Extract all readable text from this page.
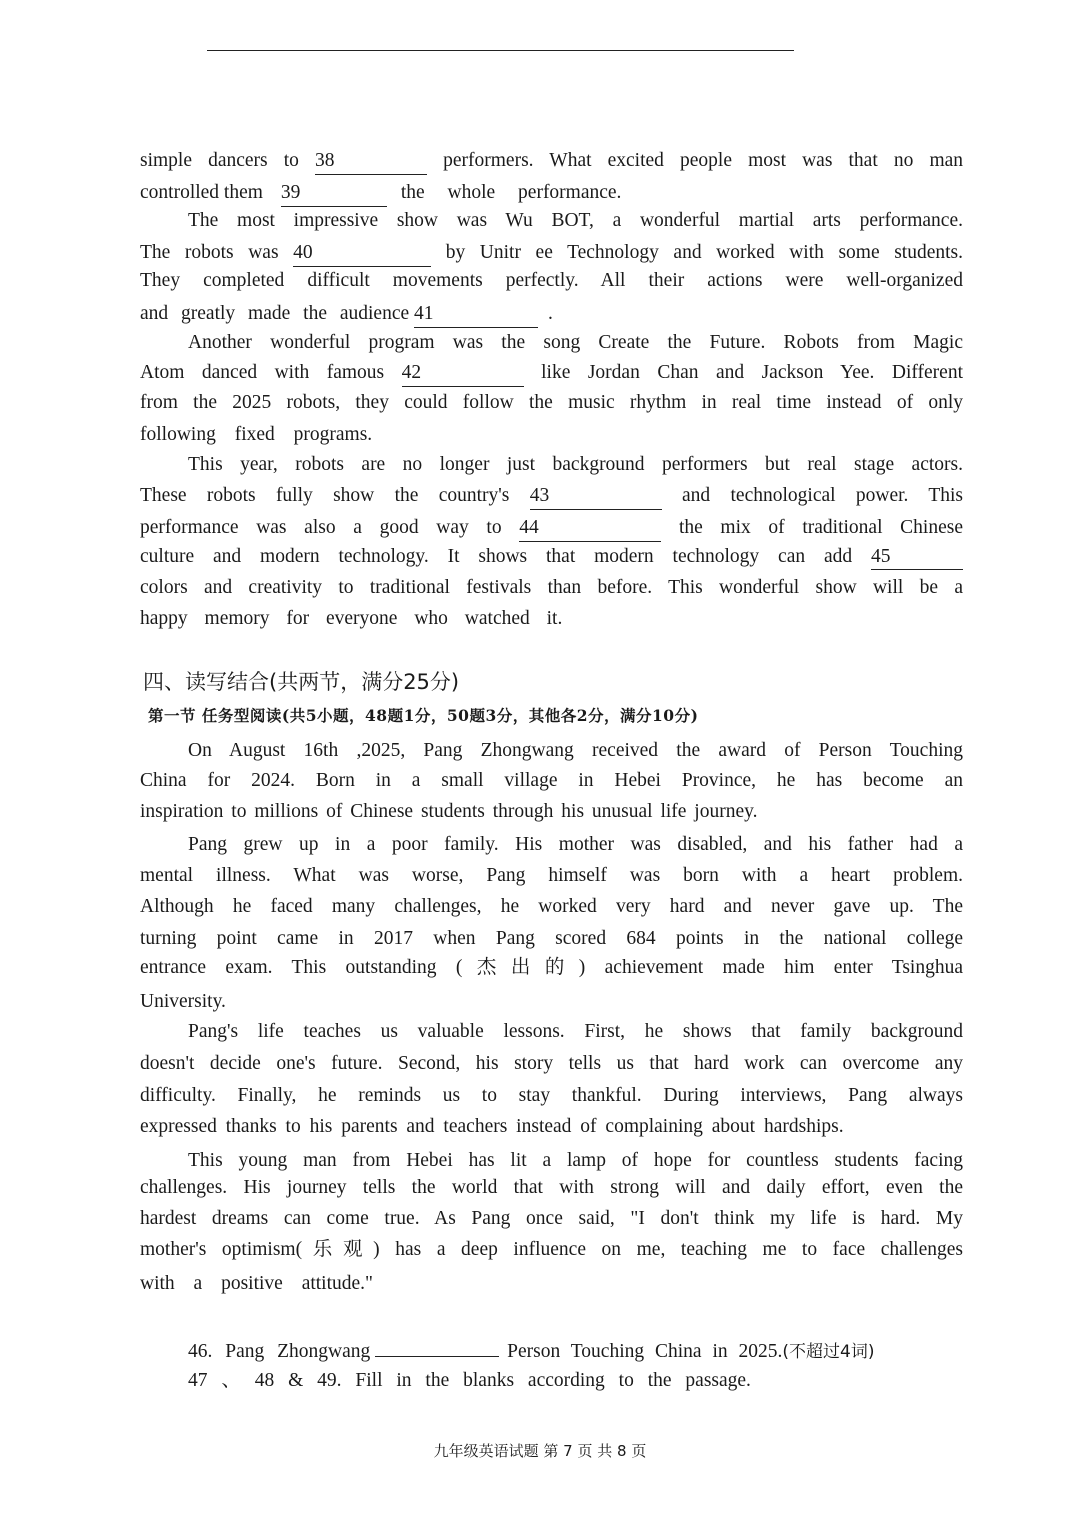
simple dancers to 38	performers. What excited people most was that no man
controlled them 39	the whole performance.
The most impressive show was Wu BOT, a wonderful martial arts performance.
The robots was 40	by Unitr ee Technology and worked with some students.
They completed difficult movements perfectly. All their actions were well-organized
and greatly made the audience 41	.
Another wonderful program was the song Create the Future. Robots from Magic
Atom danced with famous 42	like Jordan Chan and Jackson Yee. Different
from the 2025 robots, they could follow the music rhythm in real time instead of only
following fixed programs.
This year, robots are no longer just background performers but real stage actors.
These robots fully show the country's 43	and technological power. This
performance was also a good way to 44	the mix of traditional Chinese
culture and modern technology. It shows that modern technology can add 45
colors and creativity to traditional festivals than before. This wonderful show will be a
happy memory for everyone who watched it.
四、读写结合(共两节，满分25分)
第一节 任务型阅读(共5小题，48题1分，50题3分，其他各2分，满分10分)
On August 16th ,2025, Pang Zhongwang received the award of Person Touching
China for 2024. Born in a small village in Hebei Province, he has become an
inspiration to millions of Chinese students through his unusual life journey.
Pang grew up in a poor family. His mother was disabled, and his father had a
mental illness. What was worse, Pang himself was born with a heart problem.
Although he faced many challenges, he worked very hard and never gave up. The
turning point came in 2017 when Pang scored 684 points in the national college
entrance exam. This outstanding (杰出的) achievement made him enter Tsinghua
University.
Pang's life teaches us valuable lessons. First, he shows that family background
doesn't decide one's future. Second, his story tells us that hard work can overcome any
difficulty. Finally, he reminds us to stay thankful. During interviews, Pang always
expressed thanks to his parents and teachers instead of complaining about hardships.
This young man from Hebei has lit a lamp of hope for countless students facing
challenges. His journey tells the world that with strong will and daily effort, even the
hardest dreams can come true. As Pang once said, "I don't think my life is hard. My
mother's optimism(乐观) has a deep influence on me, teaching me to face challenges
with a positive attitude."
46. Pang Zhongwang	Person Touching China in 2025.(不超过4词)
47 、 48 & 49. Fill in the blanks according to the passage.
九年级英语试题 第 7 页 共 8 页
